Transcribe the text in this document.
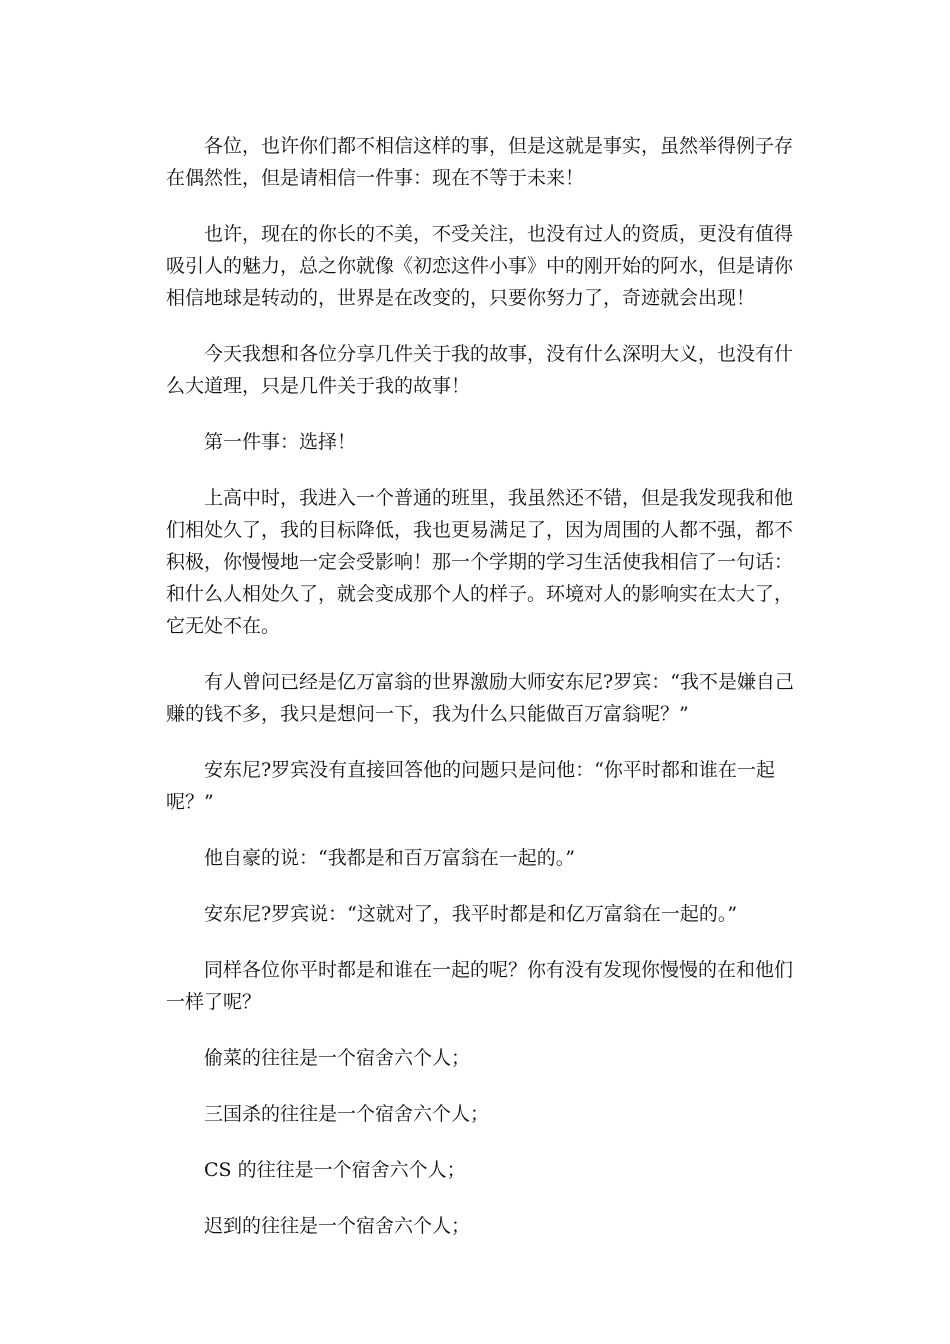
各位，也许你们都不相信这样的事，但是这就是事实，虽然举得例子存在偶然性，但是请相信一件事：现在不等于未来！

也许，现在的你长的不美，不受关注，也没有过人的资质，更没有值得吸引人的魅力，总之你就像《初恋这件小事》中的刚开始的阿水，但是请你相信地球是转动的，世界是在改变的，只要你努力了，奇迹就会出现！

今天我想和各位分享几件关于我的故事，没有什么深明大义，也没有什么大道理，只是几件关于我的故事！

第一件事：选择！

上高中时，我进入一个普通的班里，我虽然还不错，但是我发现我和他们相处久了，我的目标降低，我也更易满足了，因为周围的人都不强，都不积极，你慢慢地一定会受影响！那一个学期的学习生活使我相信了一句话：和什么人相处久了，就会变成那个人的样子。环境对人的影响实在太大了，它无处不在。

有人曾问已经是亿万富翁的世界激励大师安东尼?罗宾：“我不是嫌自己赚的钱不多，我只是想问一下，我为什么只能做百万富翁呢？”

安东尼?罗宾没有直接回答他的问题只是问他：“你平时都和谁在一起呢？”

他自豪的说：“我都是和百万富翁在一起的。”

安东尼?罗宾说：“这就对了，我平时都是和亿万富翁在一起的。”

同样各位你平时都是和谁在一起的呢？你有没有发现你慢慢的在和他们一样了呢？

偷菜的往往是一个宿舍六个人；

三国杀的往往是一个宿舍六个人；

CS 的往往是一个宿舍六个人；

迟到的往往是一个宿舍六个人；
